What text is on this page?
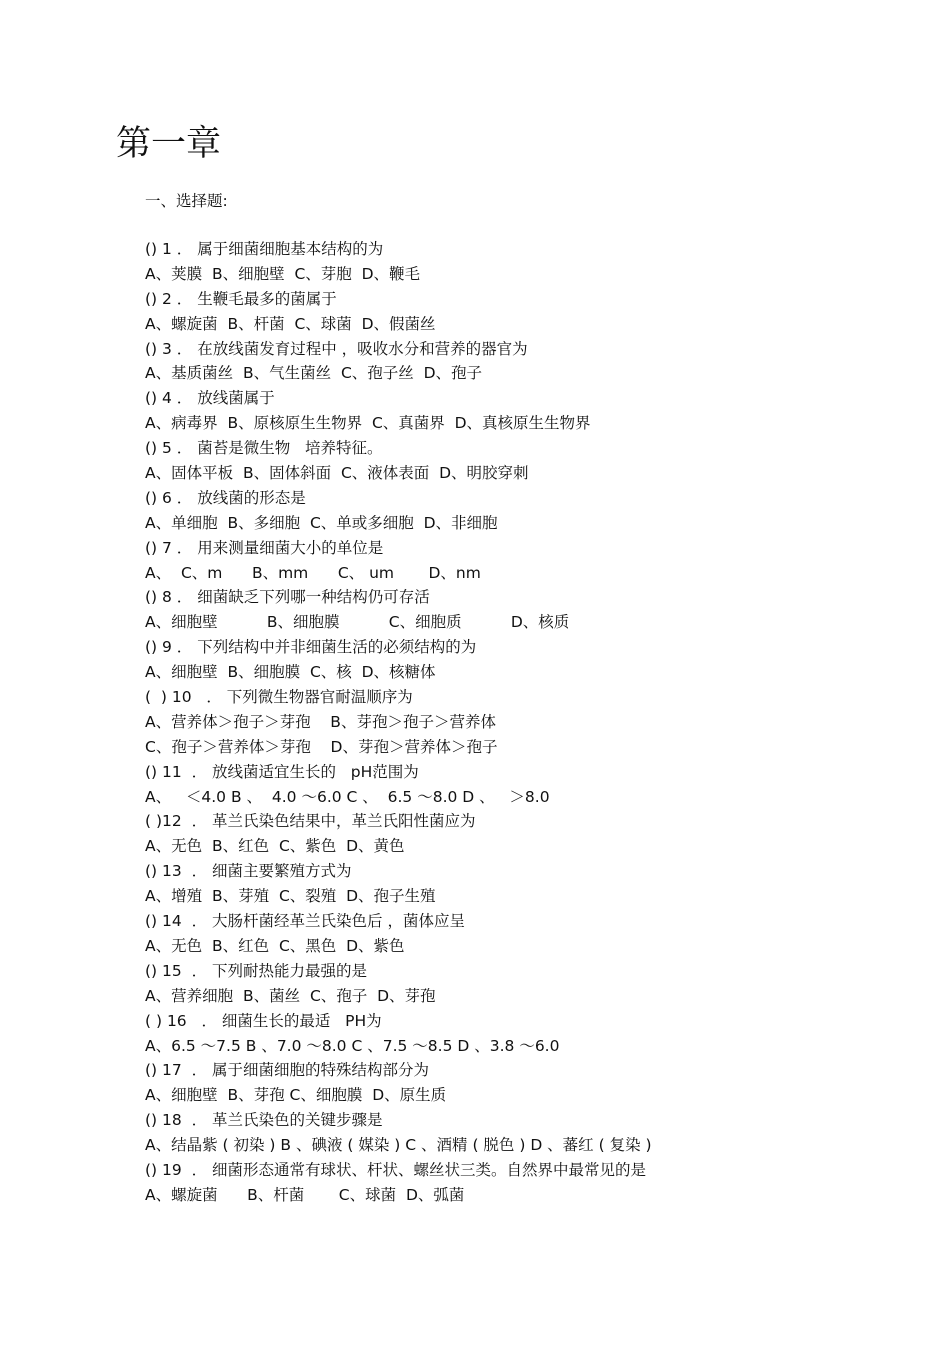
第一章
一、选择题:
() 1 ． 属于细菌细胞基本结构的为
A、荚膜  B、细胞壁  C、芽胞  D、鞭毛
() 2 ． 生鞭毛最多的菌属于
A、螺旋菌  B、杆菌  C、球菌  D、假菌丝
() 3 ． 在放线菌发育过程中 ，吸收水分和营养的器官为
A、基质菌丝  B、气生菌丝  C、孢子丝  D、孢子
() 4 ． 放线菌属于
A、病毒界  B、原核原生生物界  C、真菌界  D、真核原生生物界
() 5 ． 菌苔是微生物   培养特征。
A、固体平板  B、固体斜面  C、液体表面  D、明胶穿刺
() 6 ． 放线菌的形态是
A、单细胞  B、多细胞  C、单或多细胞  D、非细胞
() 7 ． 用来测量细菌大小的单位是
A、  C、m      B、mm      C、 um       D、nm
() 8 ． 细菌缺乏下列哪一种结构仍可存活
A、细胞壁          B、细胞膜          C、细胞质          D、核质
() 9 ． 下列结构中并非细菌生活的必须结构的为
A、细胞壁  B、细胞膜  C、核  D、核糖体
(  ) 10   ． 下列微生物器官耐温顺序为
A、营养体＞孢子＞芽孢    B、芽孢＞孢子＞营养体
C、孢子＞营养体＞芽孢    D、芽孢＞营养体＞孢子
() 11  ． 放线菌适宜生长的   pH范围为
A、   ＜4.0 B 、  4.0 ～6.0 C 、  6.5 ～8.0 D 、   ＞8.0
( )12  ． 革兰氏染色结果中，革兰氏阳性菌应为
A、无色  B、红色  C、紫色  D、黄色
() 13  ． 细菌主要繁殖方式为
A、增殖  B、芽殖  C、裂殖  D、孢子生殖
() 14  ． 大肠杆菌经革兰氏染色后 ，菌体应呈
A、无色  B、红色  C、黑色  D、紫色
() 15  ． 下列耐热能力最强的是
A、营养细胞  B、菌丝  C、孢子  D、芽孢
( ) 16   ． 细菌生长的最适   PH为
A、6.5 ～7.5 B 、7.0 ～8.0 C 、7.5 ～8.5 D 、3.8 ～6.0
() 17  ． 属于细菌细胞的特殊结构部分为
A、细胞壁  B、芽孢 C、细胞膜  D、原生质
() 18  ． 革兰氏染色的关键步骤是
A、结晶紫 ( 初染 ) B 、碘液 ( 媒染 ) C 、酒精 ( 脱色 ) D 、蕃红 ( 复染 )
() 19  ． 细菌形态通常有球状、杆状、螺丝状三类。自然界中最常见的是
A、螺旋菌      B、杆菌       C、球菌  D、弧菌
